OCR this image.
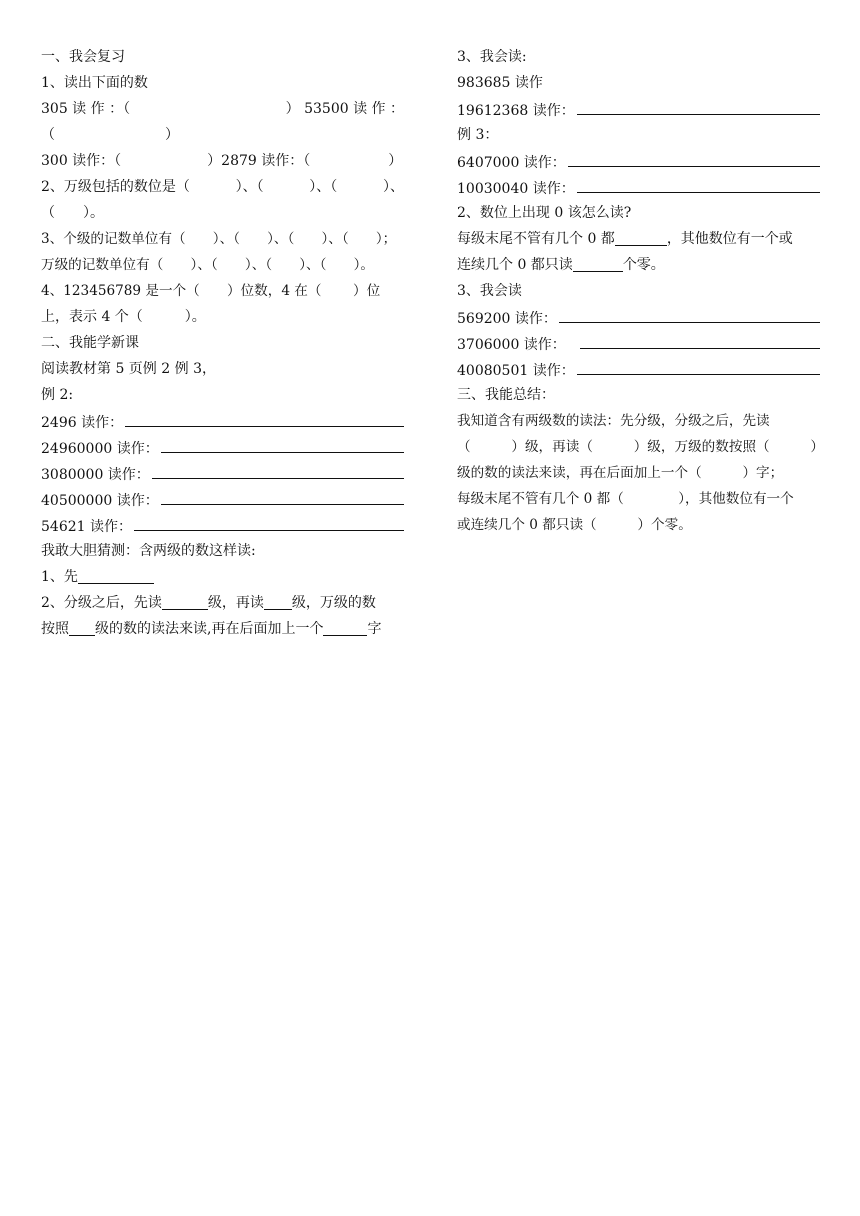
一、我会复习
1、读出下面的数
305 读 作 ：（	） 53500 读 作 ：
（	）
300 读作：（	）2879 读作：（	）
2、万级包括的数位是（	）、（	）、（	）、
（　　）。
3、个级的记数单位有（　　）、（　　）、（　　）、（　　）；
万级的记数单位有（　　）、（　　）、（　　）、（　　）。
4、123456789 是一个（　　）位数，4 在（　　 ）位
上，表示 4 个（　　　）。
二、我能学新课
阅读教材第 5 页例 2 例 3，
例 2:
2496 读作：
24960000 读作：
3080000 读作：
40500000 读作：
54621 读作：
我敢大胆猜测：含两级的数这样读:
1、先
2、分级之后，先读	级，再读 级，万级的数
按照 级的数的读法来读,再在后面加上一个	字
3、我会读:
983685 读作
19612368 读作：
例 3：
6407000 读作：
10030040 读作：
2、数位上出现 0 该怎么读?
每级末尾不管有几个 0 都	，其他数位有一个或
连续几个 0 都只读	个零。
3、我会读
569200 读作：
3706000 读作：
40080501 读作：
三、我能总结：
我知道含有两级数的读法：先分级，分级之后，先读
（　　　）级，再读（　　　）级，万级的数按照（　　　）
级的数的读法来读，再在后面加上一个（　　　）字；
每级末尾不管有几个 0 都（　　　　），其他数位有一个
或连续几个 0 都只读（　　　）个零。
